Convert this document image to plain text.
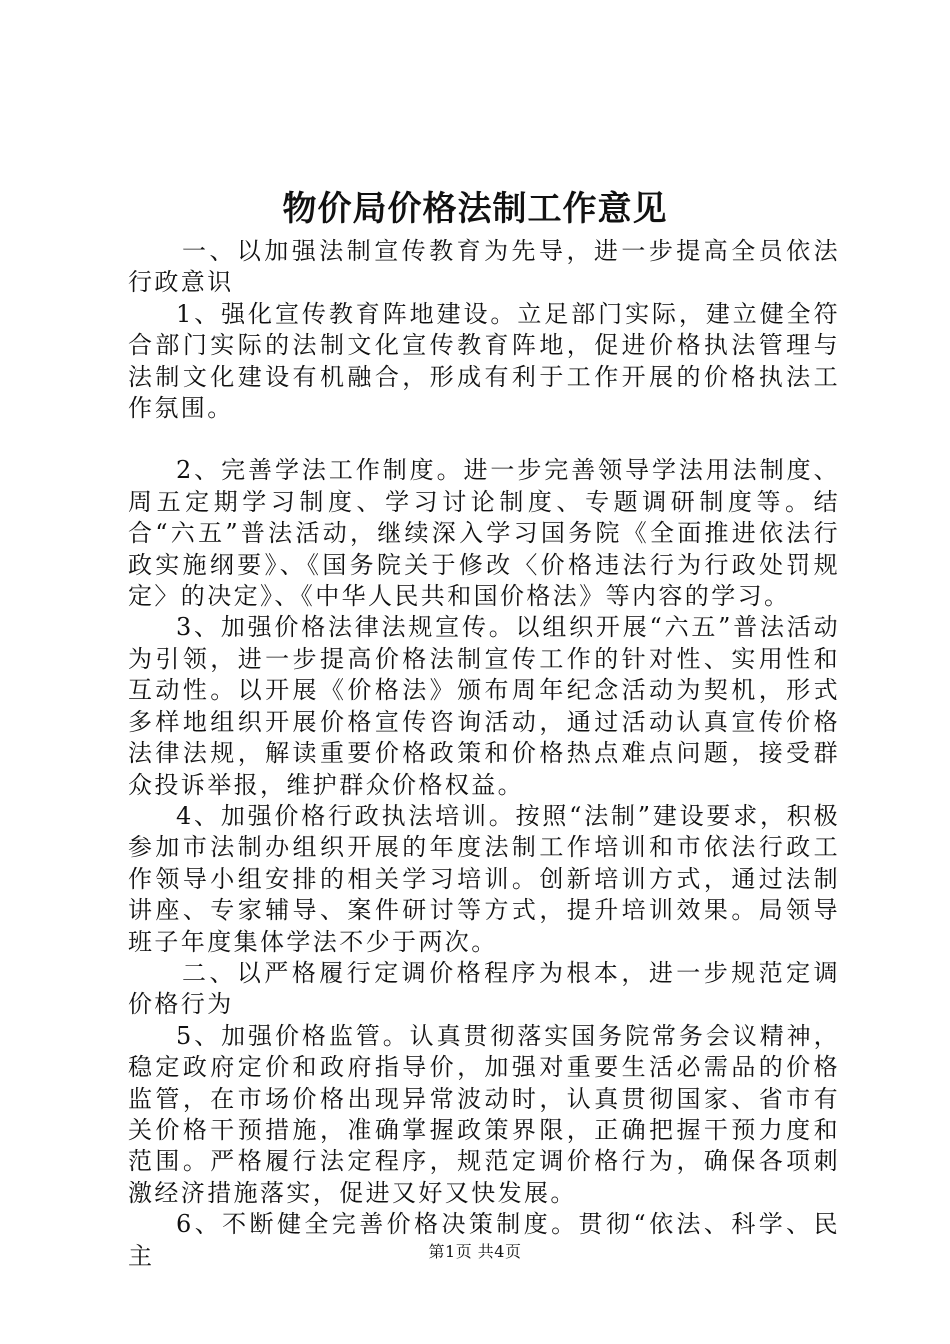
物价局价格法制工作意见

一、以加强法制宣传教育为先导，进一步提高全员依法行政意识

1、强化宣传教育阵地建设。立足部门实际，建立健全符合部门实际的法制文化宣传教育阵地，促进价格执法管理与法制文化建设有机融合，形成有利于工作开展的价格执法工作氛围。

2、完善学法工作制度。进一步完善领导学法用法制度、周五定期学习制度、学习讨论制度、专题调研制度等。结合“六五”普法活动，继续深入学习国务院《全面推进依法行政实施纲要》、《国务院关于修改〈价格违法行为行政处罚规定〉的决定》、《中华人民共和国价格法》等内容的学习。

3、加强价格法律法规宣传。以组织开展“六五”普法活动为引领，进一步提高价格法制宣传工作的针对性、实用性和互动性。以开展《价格法》颁布周年纪念活动为契机，形式多样地组织开展价格宣传咨询活动，通过活动认真宣传价格法律法规，解读重要价格政策和价格热点难点问题，接受群众投诉举报，维护群众价格权益。

4、加强价格行政执法培训。按照“法制”建设要求，积极参加市法制办组织开展的年度法制工作培训和市依法行政工作领导小组安排的相关学习培训。创新培训方式，通过法制讲座、专家辅导、案件研讨等方式，提升培训效果。局领导班子年度集体学法不少于两次。

二、以严格履行定调价格程序为根本，进一步规范定调价格行为

5、加强价格监管。认真贯彻落实国务院常务会议精神，稳定政府定价和政府指导价，加强对重要生活必需品的价格监管，在市场价格出现异常波动时，认真贯彻国家、省市有关价格干预措施，准确掌握政策界限，正确把握干预力度和范围。严格履行法定程序，规范定调价格行为，确保各项刺激经济措施落实，促进又好又快发展。

6、不断健全完善价格决策制度。贯彻“依法、科学、民主	第1页 共4页
